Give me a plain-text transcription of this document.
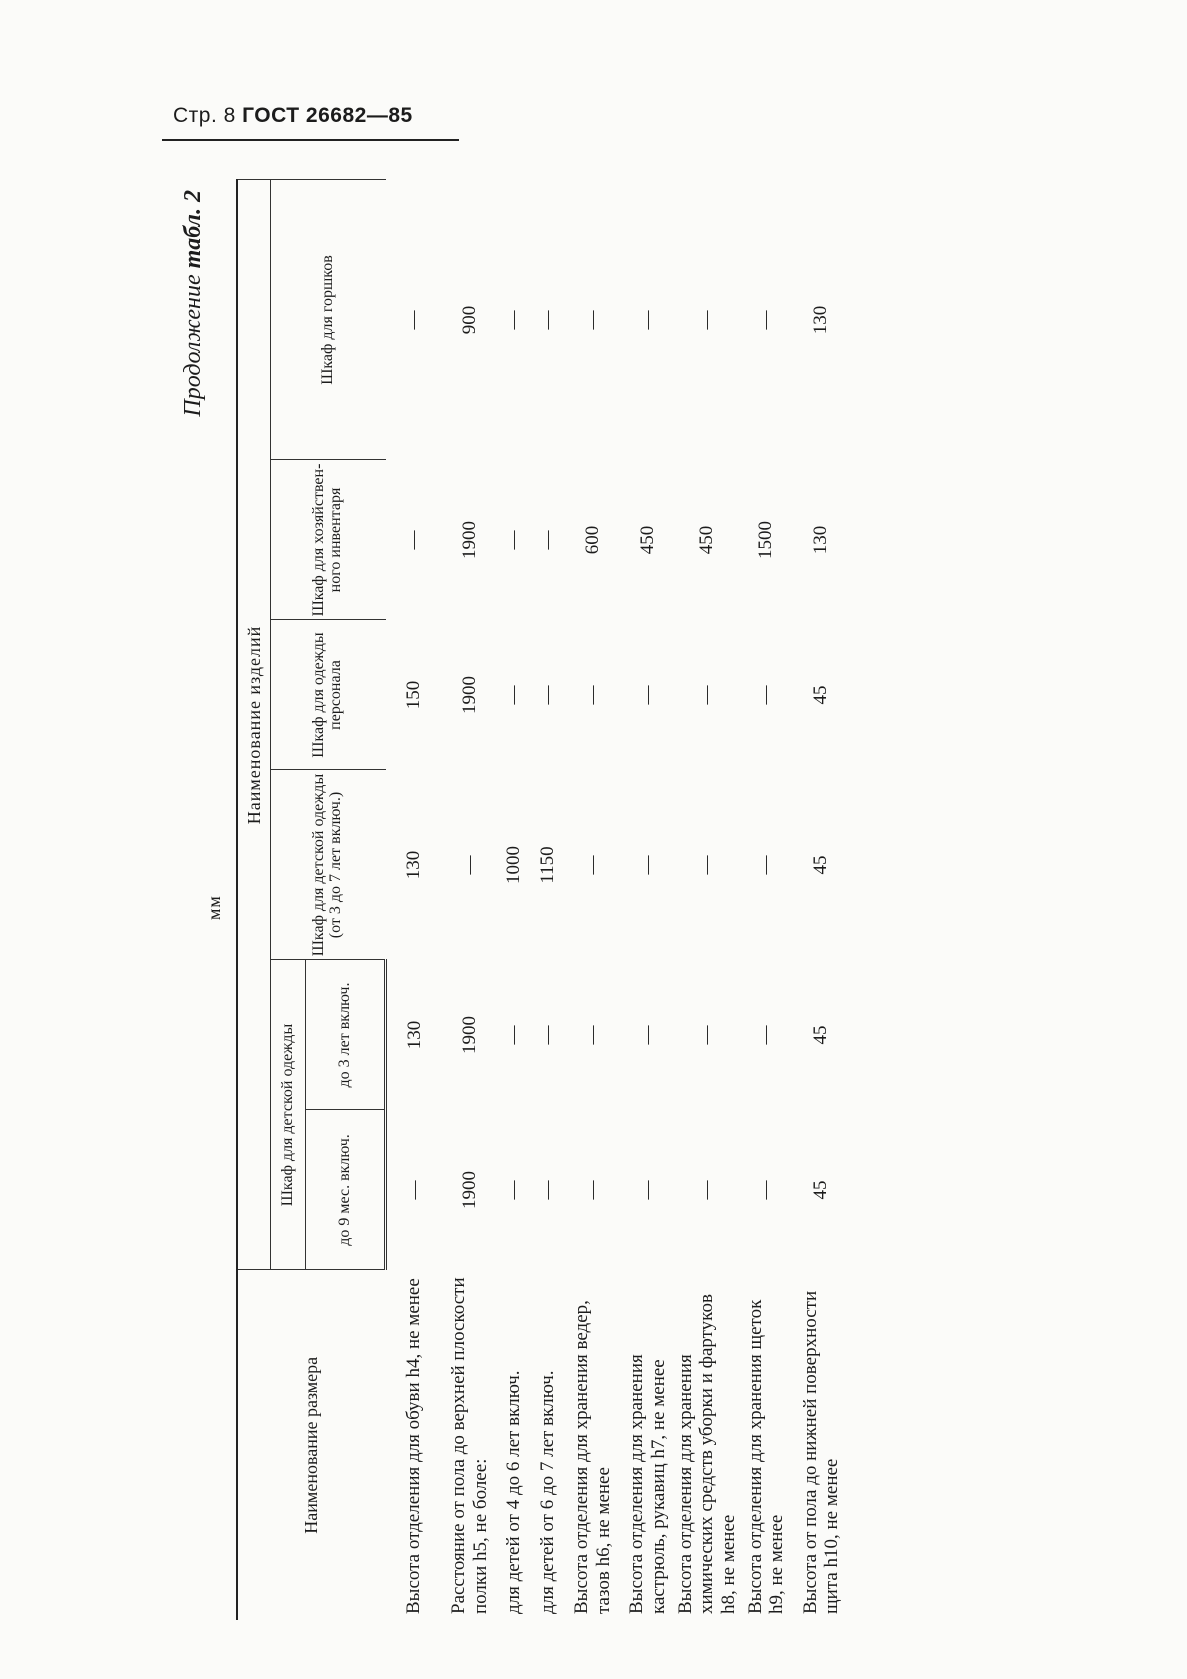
Стр. 8 ГОСТ 26682—85
Продолжение табл. 2
мм
Наименование размера	Наименование изделий					
	Шкаф для детской одежды		Шкаф для детской одежды (от 3 до 7 лет включ.)	Шкаф для одежды персонала	Шкаф для хозяйственного инвентаря	Шкаф для горшков
	до 9 мес. включ.	до 3 лет включ.				
Высота отделения для обуви h4, не менее	—	130	130	150	—	—
Расстояние от пола до верхней плоскости полки h5, не более:	1900	1900	—	1900	1900	900
для детей от 4 до 6 лет включ.	—	—	1000	—	—	—
для детей от 6 до 7 лет включ.	—	—	1150	—	—	—
Высота отделения для хранения ведер, тазов h6, не менее	—	—	—	—	600	—
Высота отделения для хранения кастрюль, рукавиц h7, не менее	—	—	—	—	450	—
Высота отделения для хранения химических средств уборки и фартуков h8, не менее	—	—	—	—	450	—
Высота отделения для хранения щеток h9, не менее	—	—	—	—	1500	—
Высота от пола до нижней поверхности щита h10, не менее	45	45	45	45	130	130
